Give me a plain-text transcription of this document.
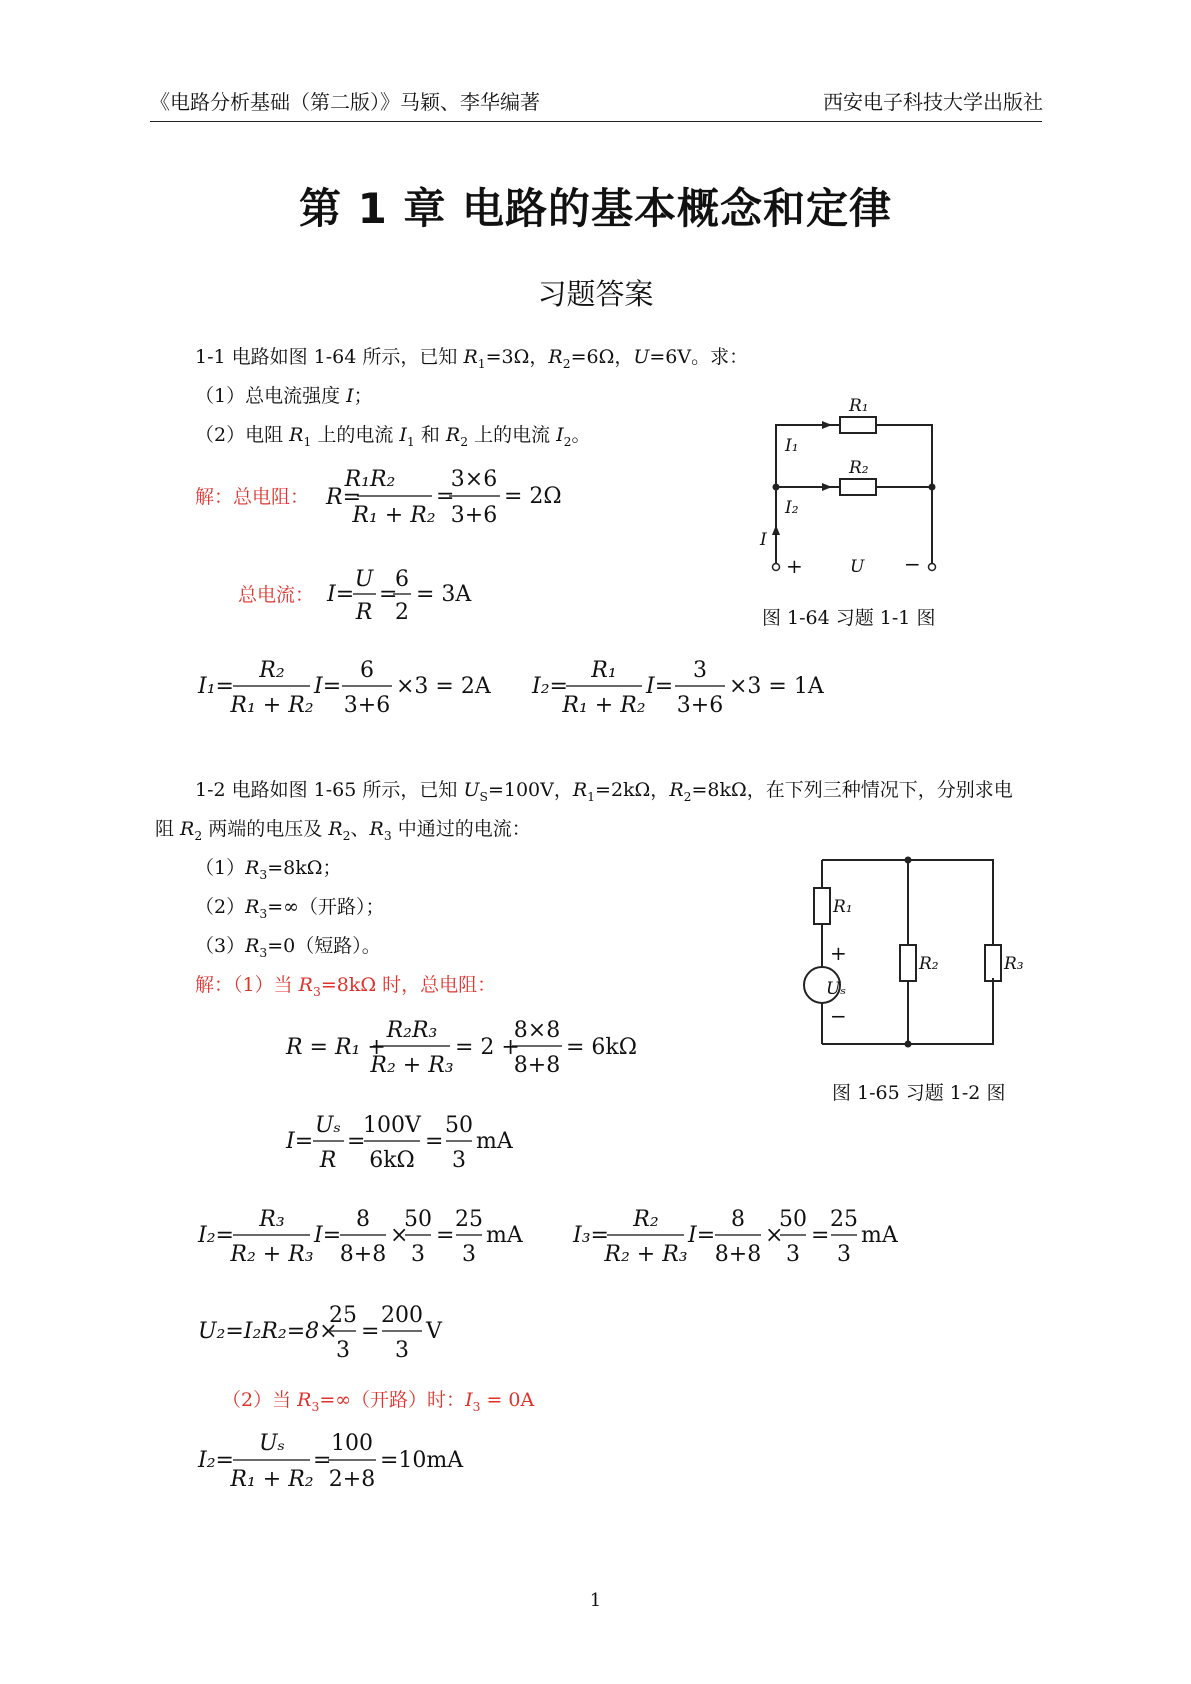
《电路分析基础（第二版）》马颖、李华编著	西安电子科技大学出版社
第 1 章 电路的基本概念和定律
习题答案
1-1 电路如图 1-64 所示，已知 $R_1=3\Omega$，$R_2=6\Omega$，U=6V。求：
（1）总电流强度 I；
（2）电阻 $R_1$ 上的电流 $I_1$ 和 $R_2$ 上的电流 $I_2$。
解：总电阻： R=
R₁R₂
R₁ + R₂
=
3×6
3+6
= 2Ω
总电流： I=
U
R
=
6
2
= 3A
I₁=
R₂
R₁ + R₂
I=
6
3+6
×3 = 2A I₂=
R₁
R₁ + R₂
I=
3
3+6
×3 = 1A
R = R₁ +
R₂R₃
R₂ + R₃
= 2 +
8×8
8+8
= 6kΩ
I=
Uₛ
R
=
100V
6kΩ
=
50
3
mA
I₂=
R₃
R₂ + R₃
I=
8
8+8
×
50
3
=
25
3
mA I₃=
R₂
R₂ + R₃
I=
8
8+8
×
50
3
=
25
3
mA
U₂=I₂R₂=8×
25
3
=
200
3
V
I₂=
Uₛ
R₁ + R₂
=
100
2+8
=10mA
R₁
R₂
I₁
I₂
I
U
+	−
图 1-64 习题 1-1 图
1-2 电路如图 1-65 所示，已知 $U_S=100V$，$R_1=2k\Omega$，$R_2=8k\Omega$，在下列三种情况下，分别求电
阻 $R_2$ 两端的电压及 $R_2$、$R_3$ 中通过的电流：
$(1)R_3=8k\Omega$；
$(2)R_3=\infty$（开路）；
$(3)R_3=0$（短路）。
解：（1）当 $R_3=8k\Omega$ 时，总电阻：
（2）当 $R_3=\infty$（开路）时：$I_3 = 0A$
R₁
R₂	R₃
Uₛ
+
−
图 1-65 习题 1-2 图
1
